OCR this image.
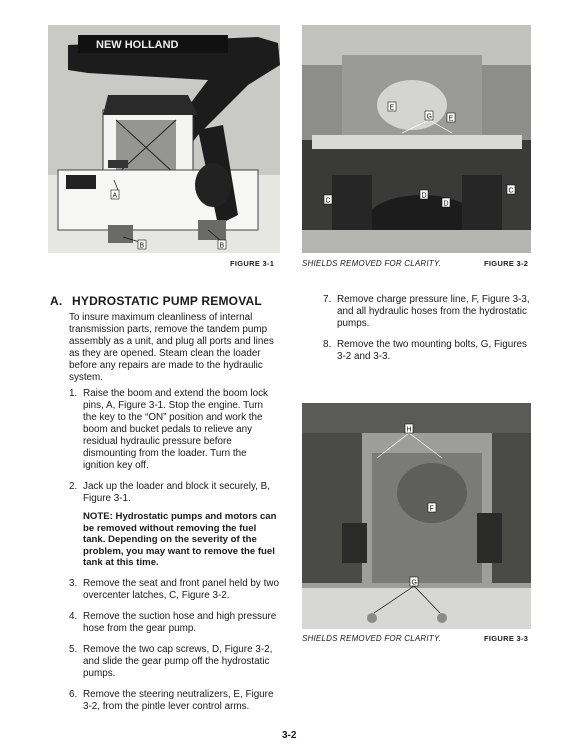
NEW HOLLAND
A
B	B
FIGURE 3-1
E
E
G
C
D
D
C
SHIELDS REMOVED FOR CLARITY.	FIGURE 3-2
H
F
G
SHIELDS REMOVED FOR CLARITY.	FIGURE 3-3
A. HYDROSTATIC PUMP REMOVAL

To insure maximum cleanliness of internal transmission parts, remove the tandem pump assembly as a unit, and plug all ports and lines as they are opened. Steam clean the loader before any repairs are made to the hydraulic system.

1. Raise the boom and extend the boom lock pins, A, Figure 3-1. Stop the engine. Turn the key to the “ON” position and work the boom and bucket pedals to relieve any residual hydraulic pressure before dismounting from the loader. Turn the ignition key off.
2. Jack up the loader and block it securely, B, Figure 3-1.

NOTE: Hydrostatic pumps and motors can be removed without removing the fuel tank. Depending on the severity of the problem, you may want to remove the fuel tank at this time.

3. Remove the seat and front panel held by two overcenter latches, C, Figure 3-2.
4. Remove the suction hose and high pressure hose from the gear pump.
5. Remove the two cap screws, D, Figure 3-2, and slide the gear pump off the hydrostatic pumps.
6. Remove the steering neutralizers, E, Figure 3-2, from the pintle lever control arms.
7. Remove charge pressure line, F, Figure 3-3, and all hydraulic hoses from the hydrostatic pumps.
8. Remove the two mounting bolts, G, Figures 3-2 and 3-3.
3-2
